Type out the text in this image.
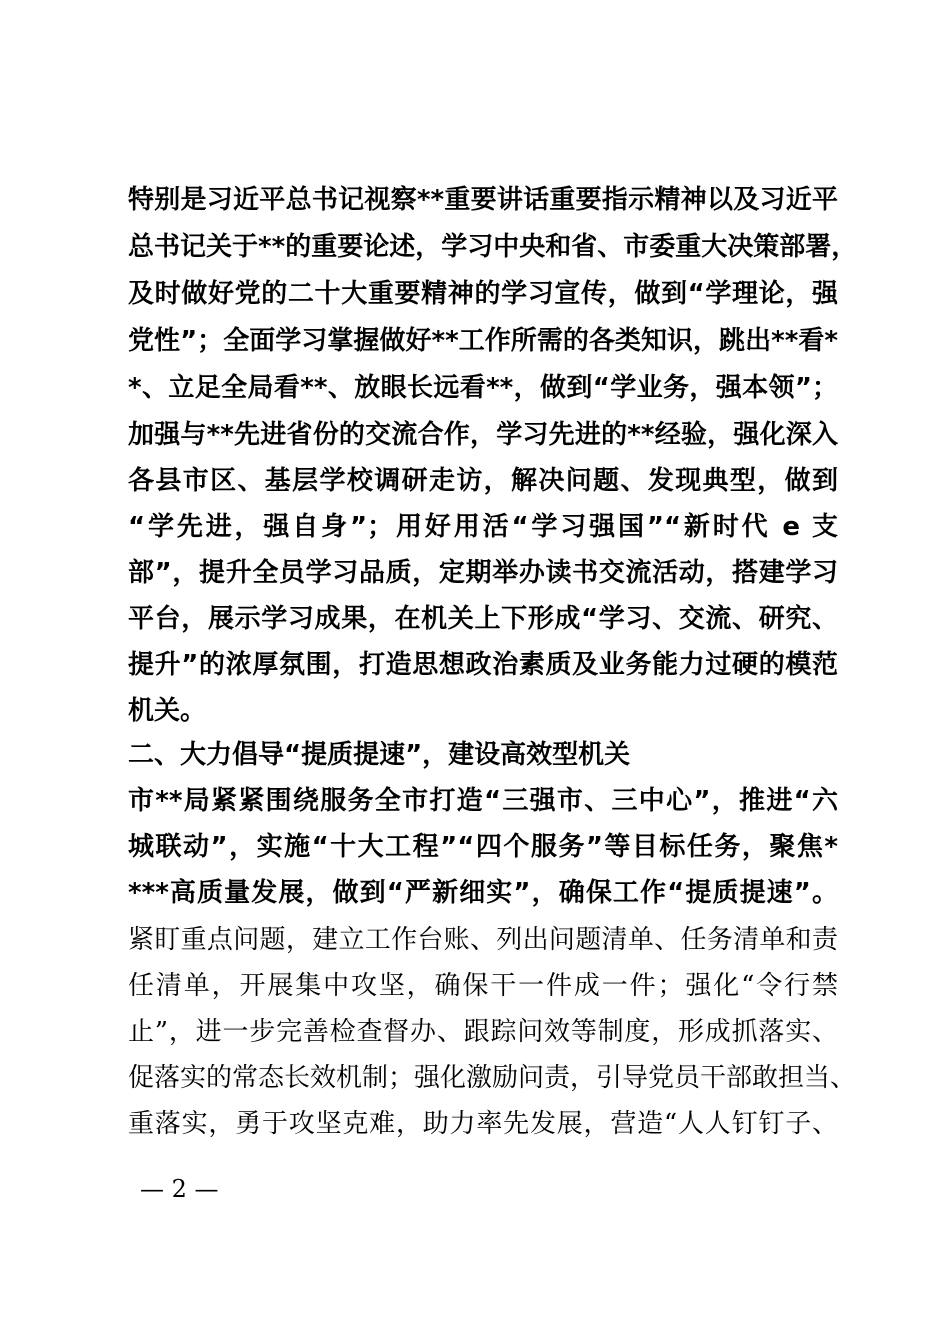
特别是习近平总书记视察**重要讲话重要指示精神以及习近平

总书记关于**的重要论述，学习中央和省、市委重大决策部署，

及时做好党的二十大重要精神的学习宣传，做到“学理论，强

党性”；全面学习掌握做好**工作所需的各类知识，跳出**看*

*、立足全局看**、放眼长远看**，做到“学业务，强本领”；

加强与**先进省份的交流合作，学习先进的**经验，强化深入

各县市区、基层学校调研走访，解决问题、发现典型，做到

“学先进，强自身”；用好用活“学习强国”“新时代 e 支

部”，提升全员学习品质，定期举办读书交流活动，搭建学习

平台，展示学习成果，在机关上下形成“学习、交流、研究、

提升”的浓厚氛围，打造思想政治素质及业务能力过硬的模范

机关。

二、大力倡导“提质提速”，建设高效型机关

市**局紧紧围绕服务全市打造“三强市、三中心”，推进“六

城联动”，实施“十大工程”“四个服务”等目标任务，聚焦*

***高质量发展，做到“严新细实”，确保工作“提质提速”。

紧盯重点问题，建立工作台账、列出问题清单、任务清单和责

任清单，开展集中攻坚，确保干一件成一件；强化“令行禁

止”，进一步完善检查督办、跟踪问效等制度，形成抓落实、

促落实的常态长效机制；强化激励问责，引导党员干部敢担当、

重落实，勇于攻坚克难，助力率先发展，营造“人人钉钉子、

— 2 —
